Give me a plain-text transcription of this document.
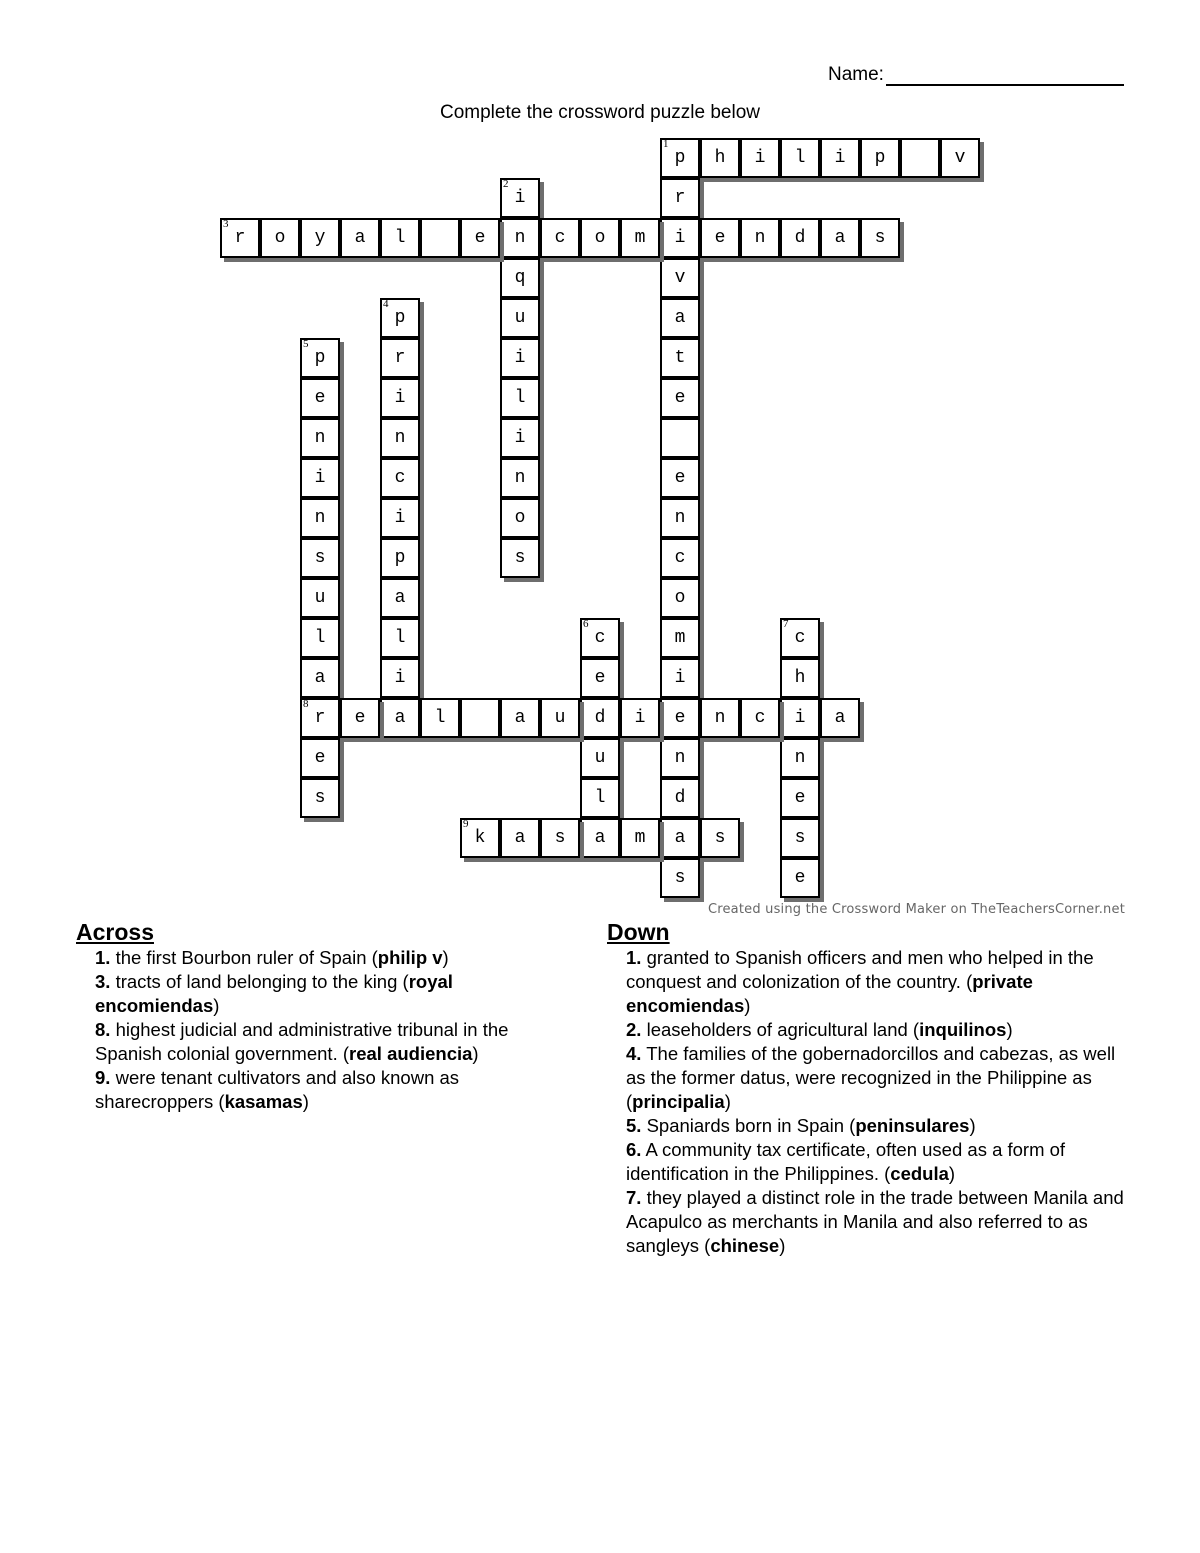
Name:
Complete the crossword puzzle below
1
p	h	i	l	i	p	v
r
i
v
a
t
e
e
n
c
o
m
i
e
n
d
a
s
2
i
n
q
u
i
l
i
n
o
s
3
r	o	y	a	l	e	c	o	m	e	n	d	a	s
4
p
r
i
n
c
i
p
a
l
i
a
5
p
e
n
i
n
s
u
l
a
8
r
e
s
6
c
e
d
u
l
a
7
c
h
i
n
e
s
e
e	l	a	u	i	n	c	a
9
k	a	s	m	s
Created using the Crossword Maker on TheTeachersCorner.net
Across

1. the first Bourbon ruler of Spain (philip v)

3. tracts of land belonging to the king (royal encomiendas)

8. highest judicial and administrative tribunal in the Spanish colonial government. (real audiencia)

9. were tenant cultivators and also known as sharecroppers (kasamas)

Down

1. granted to Spanish officers and men who helped in the conquest and colonization of the country. (private encomiendas)

2. leaseholders of agricultural land (inquilinos)

4. The families of the gobernadorcillos and cabezas, as well as the former datus, were recognized in the Philippine as (principalia)

5. Spaniards born in Spain (peninsulares)

6. A community tax certificate, often used as a form of identification in the Philippines. (cedula)

7. they played a distinct role in the trade between Manila and Acapulco as merchants in Manila and also referred to as sangleys (chinese)
